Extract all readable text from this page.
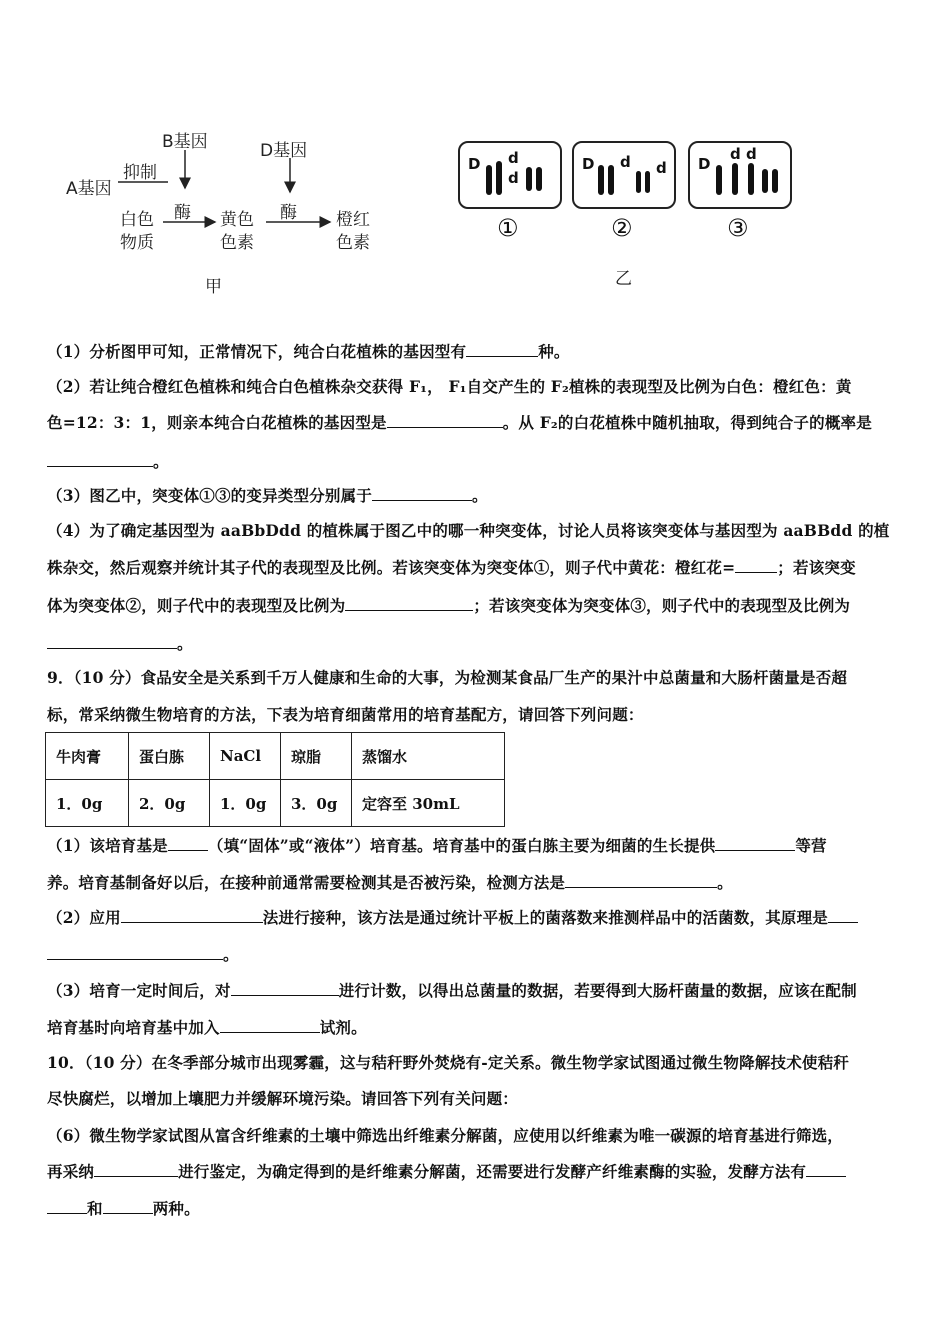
B基因	D基因
A基因
抑制
酶	酶
白色
物质
黄色
色素
橙红
色素
甲
D d
d
D d d D
d d
①	②	③
乙
（1）分析图甲可知，正常情况下，纯合白花植株的基因型有	种。
（2）若让纯合橙红色植株和纯合白色植株杂交获得 F₁， F₁自交产生的 F₂植株的表现型及比例为白色：橙红色：黄
色=12：3：1，则亲本纯合白花植株的基因型是	。从 F₂的白花植株中随机抽取，得到纯合子的概率是
。
（3）图乙中，突变体①③的变异类型分别属于	。
（4）为了确定基因型为 aaBbDdd 的植株属于图乙中的哪一种突变体，讨论人员将该突变体与基因型为 aaBBdd 的植
株杂交，然后观察并统计其子代的表现型及比例。若该突变体为突变体①，则子代中黄花：橙红花=	；若该突变
体为突变体②，则子代中的表现型及比例为	；若该突变体为突变体③，则子代中的表现型及比例为
。
9．（10 分）食品安全是关系到千万人健康和生命的大事，为检测某食品厂生产的果汁中总菌量和大肠杆菌量是否超
标，常采纳微生物培育的方法，下表为培育细菌常用的培育基配方，请回答下列问题：
牛肉膏	蛋白胨	NaCl	琼脂	蒸馏水
1．0g	2．0g	1．0g	3．0g	定容至 30mL
（1）该培育基是	（填“固体”或“液体”）培育基。培育基中的蛋白胨主要为细菌的生长提供	等营
养。培育基制备好以后，在接种前通常需要检测其是否被污染，检测方法是	。
（2）应用	法进行接种，该方法是通过统计平板上的菌落数来推测样品中的活菌数，其原理是
。
（3）培育一定时间后，对	进行计数，以得出总菌量的数据，若要得到大肠杆菌量的数据，应该在配制
培育基时向培育基中加入	试剂。
10．（10 分）在冬季部分城市出现雾霾，这与秸秆野外焚烧有-定关系。微生物学家试图通过微生物降解技术使秸秆
尽快腐烂，以增加上壤肥力并缓解环境污染。请回答下列有关问题：
（6）微生物学家试图从富含纤维素的土壤中筛选出纤维素分解菌，应使用以纤维素为唯一碳源的培育基进行筛选，
再采纳	进行鉴定，为确定得到的是纤维素分解菌，还需要进行发酵产纤维素酶的实验，发酵方法有
和	两种。
